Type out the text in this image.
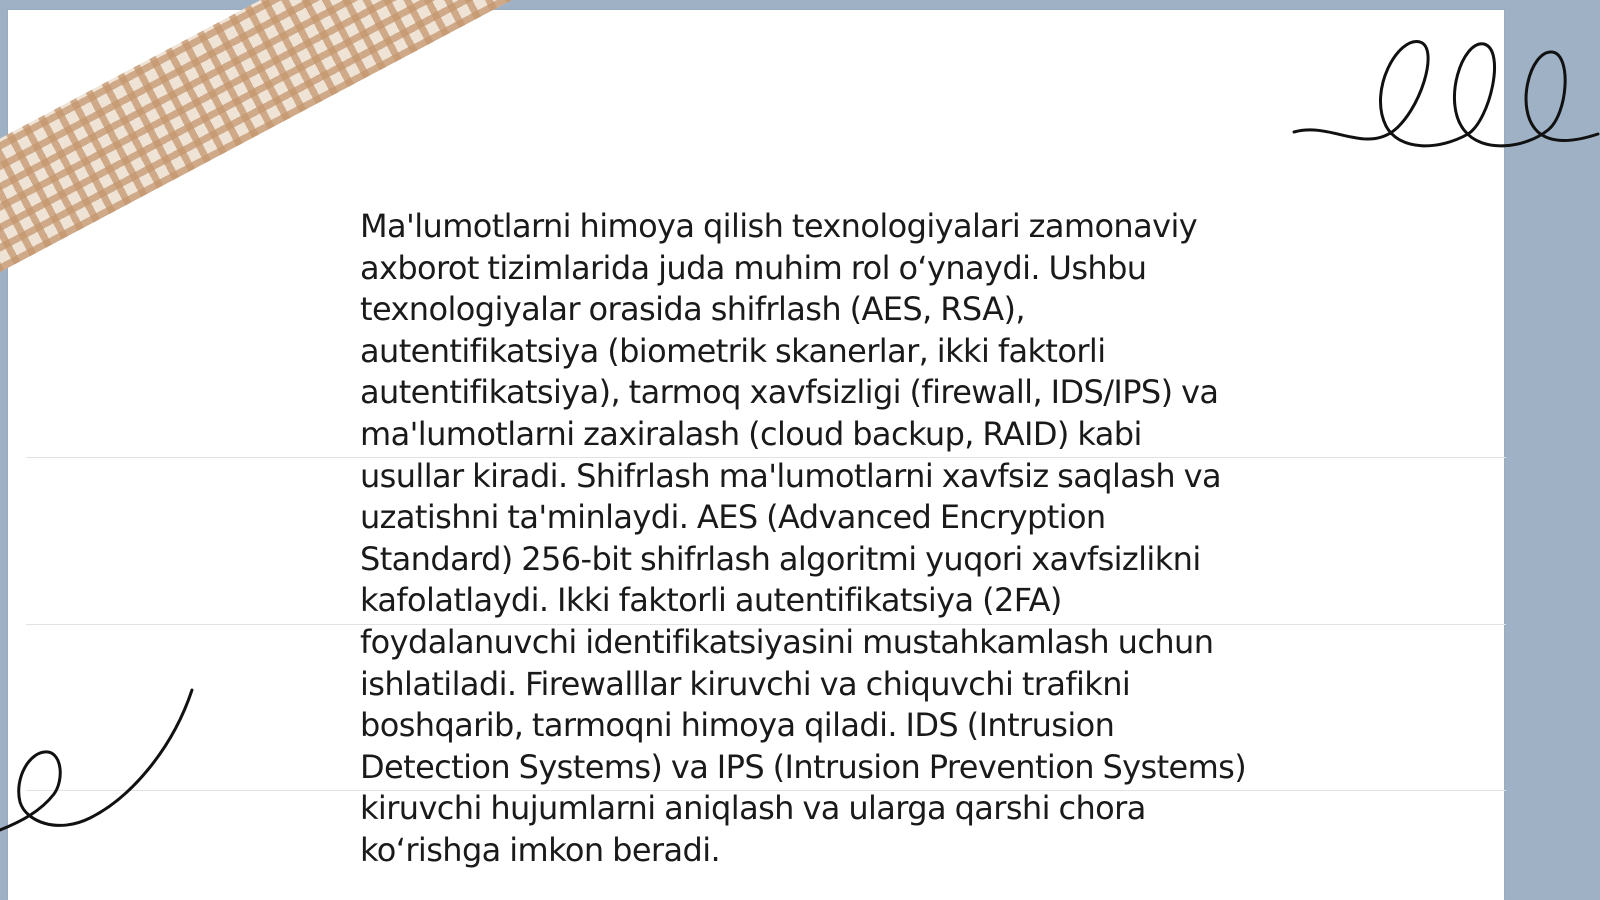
Ma'lumotlarni himoya qilish texnologiyalari zamonaviy axborot tizimlarida juda muhim rol o‘ynaydi. Ushbu texnologiyalar orasida shifrlash (AES, RSA), autentifikatsiya (biometrik skanerlar, ikki faktorli autentifikatsiya), tarmoq xavfsizligi (firewall, IDS/IPS) va ma'lumotlarni zaxiralash (cloud backup, RAID) kabi usullar kiradi. Shifrlash ma'lumotlarni xavfsiz saqlash va uzatishni ta'minlaydi. AES (Advanced Encryption Standard) 256-bit shifrlash algoritmi yuqori xavfsizlikni kafolatlaydi. Ikki faktorli autentifikatsiya (2FA) foydalanuvchi identifikatsiyasini mustahkamlash uchun ishlatiladi. Firewalllar kiruvchi va chiquvchi trafikni boshqarib, tarmoqni himoya qiladi. IDS (Intrusion Detection Systems) va IPS (Intrusion Prevention Systems) kiruvchi hujumlarni aniqlash va ularga qarshi chora ko‘rishga imkon beradi.
